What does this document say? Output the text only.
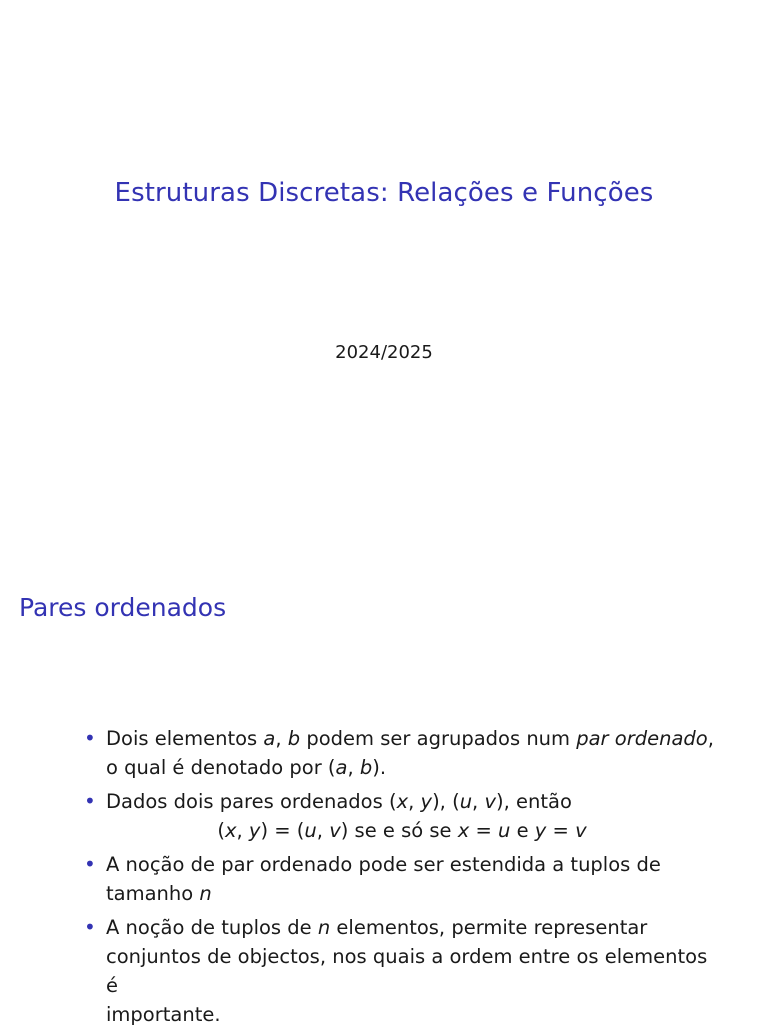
Estruturas Discretas: Relações e Funções
2024/2025
Pares ordenados
• Dois elementos a, b podem ser agrupados num par ordenado,
o qual é denotado por (a, b).
• Dados dois pares ordenados (x, y), (u, v), então
(x, y) = (u, v) se e só se x = u e y = v
• A noção de par ordenado pode ser estendida a tuplos de
tamanho n
• A noção de tuplos de n elementos, permite representar
conjuntos de objectos, nos quais a ordem entre os elementos é
importante.
